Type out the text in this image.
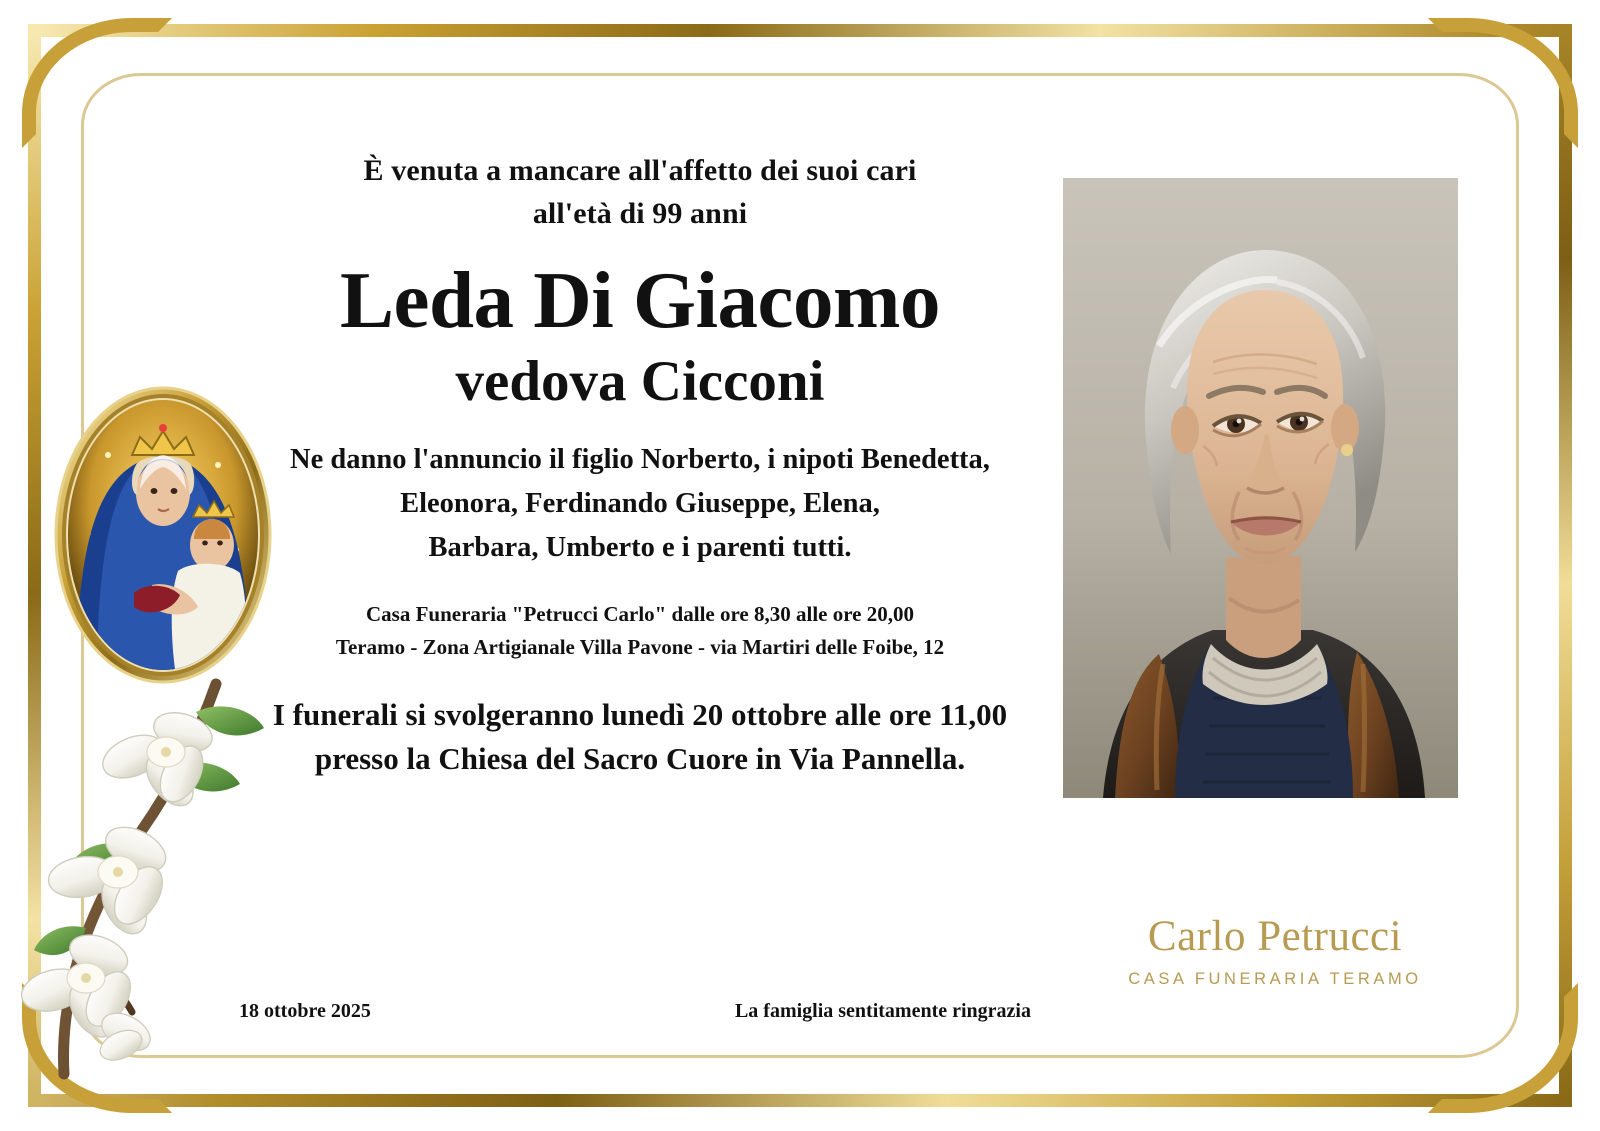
È venuta a mancare all'affetto dei suoi cari
all'età di 99 anni
Leda Di Giacomo
vedova Cicconi
Ne danno l'annuncio il figlio Norberto, i nipoti Benedetta,
Eleonora, Ferdinando Giuseppe, Elena,
Barbara, Umberto e i parenti tutti.
Casa Funeraria "Petrucci Carlo" dalle ore 8,30 alle ore 20,00
Teramo - Zona Artigianale Villa Pavone - via Martiri delle Foibe, 12
I funerali si svolgeranno lunedì 20 ottobre alle ore 11,00
presso la Chiesa del Sacro Cuore in Via Pannella.
18 ottobre 2025	La famiglia sentitamente ringrazia
Carlo Petrucci
CASA FUNERARIA TERAMO
